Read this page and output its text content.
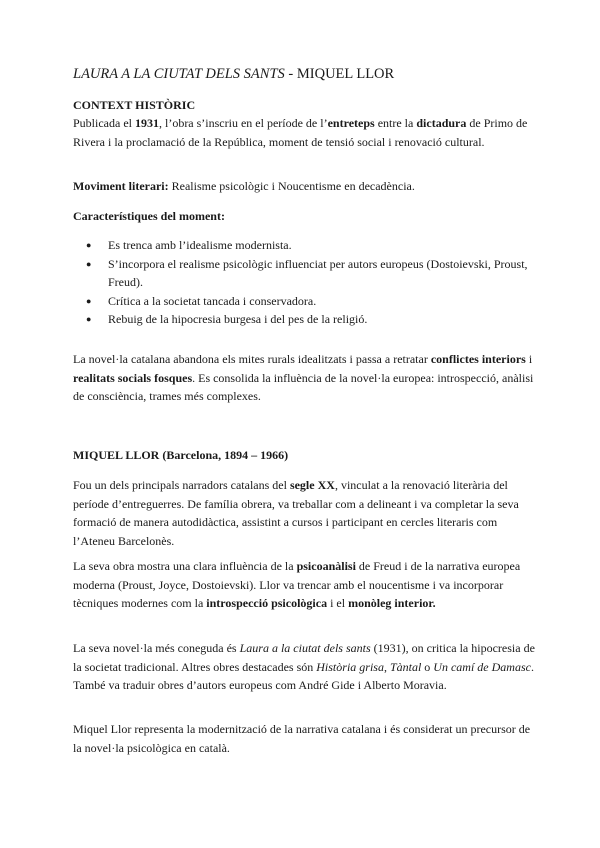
LAURA A LA CIUTAT DELS SANTS - MIQUEL LLOR

CONTEXT HISTÒRIC

Publicada el 1931, l’obra s’inscriu en el període de l’entreteps entre la dictadura de Primo de Rivera i la proclamació de la República, moment de tensió social i renovació cultural.

Moviment literari: Realisme psicològic i Noucentisme en decadència.

Característiques del moment:

● Es trenca amb l’idealisme modernista.
● S’incorpora el realisme psicològic influenciat per autors europeus (Dostoievski, Proust, Freud).
● Crítica a la societat tancada i conservadora.
● Rebuig de la hipocresia burgesa i del pes de la religió.

La novel·la catalana abandona els mites rurals idealitzats i passa a retratar conflictes interiors i realitats socials fosques. Es consolida la influència de la novel·la europea: introspecció, anàlisi de consciència, trames més complexes.

MIQUEL LLOR (Barcelona, 1894 – 1966)

Fou un dels principals narradors catalans del segle XX, vinculat a la renovació literària del període d’entreguerres. De família obrera, va treballar com a delineant i va completar la seva formació de manera autodidàctica, assistint a cursos i participant en cercles literaris com l’Ateneu Barcelonès.

La seva obra mostra una clara influència de la psicoanàlisi de Freud i de la narrativa europea moderna (Proust, Joyce, Dostoievski). Llor va trencar amb el noucentisme i va incorporar tècniques modernes com la introspecció psicològica i el monòleg interior.

La seva novel·la més coneguda és Laura a la ciutat dels sants (1931), on critica la hipocresia de la societat tradicional. Altres obres destacades són Història grisa, Tàntal o Un camí de Damasc. També va traduir obres d’autors europeus com André Gide i Alberto Moravia.

Miquel Llor representa la modernització de la narrativa catalana i és considerat un precursor de la novel·la psicològica en català.
